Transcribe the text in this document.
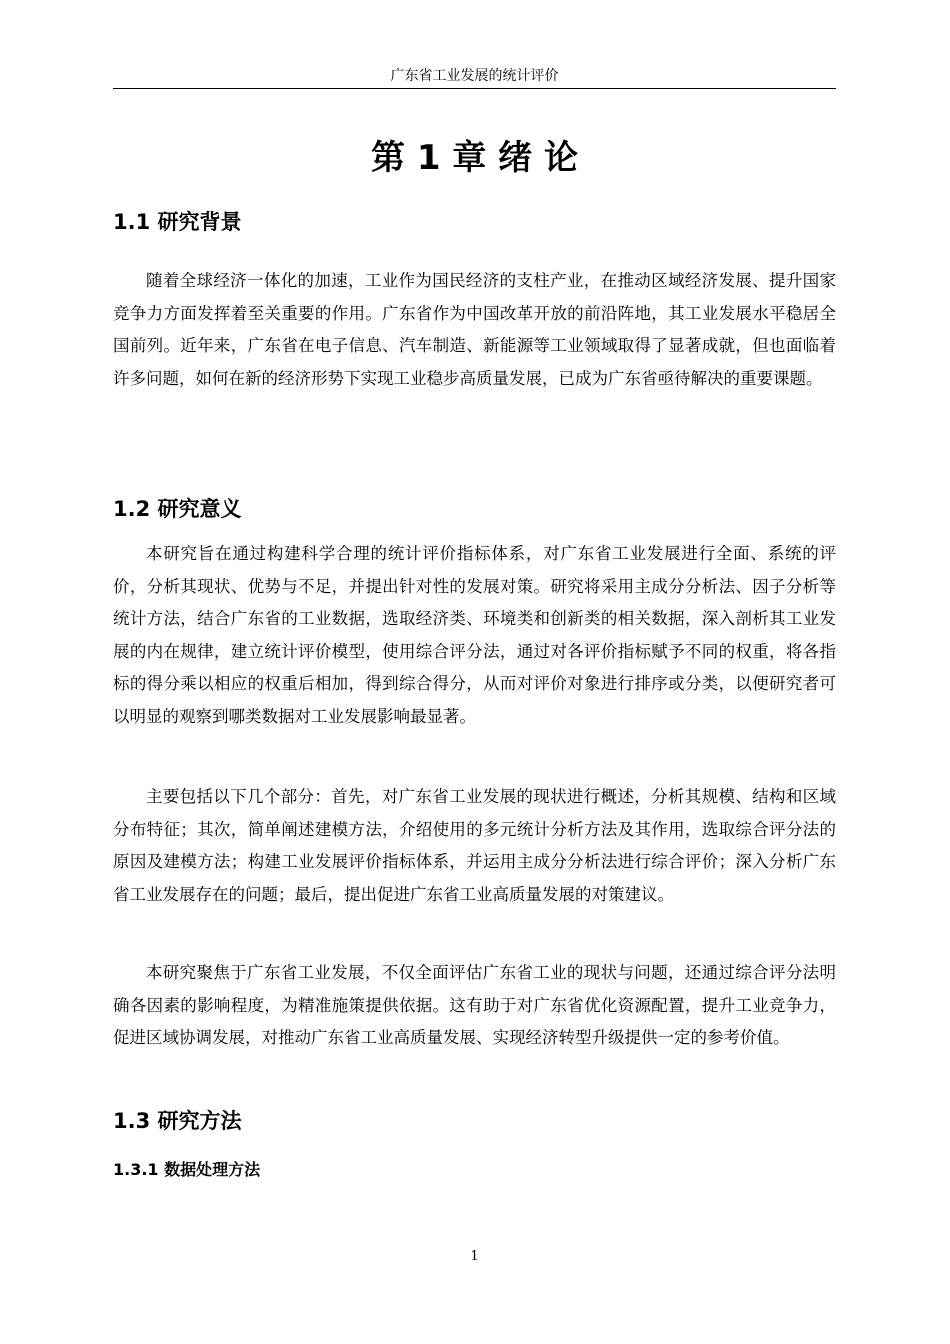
广东省工业发展的统计评价
第 1 章 绪 论
1.1 研究背景

随着全球经济一体化的加速，工业作为国民经济的支柱产业，在推动区域经济发展、提升国家竞争力方面发挥着至关重要的作用。广东省作为中国改革开放的前沿阵地，其工业发展水平稳居全国前列。近年来，广东省在电子信息、汽车制造、新能源等工业领域取得了显著成就，但也面临着许多问题，如何在新的经济形势下实现工业稳步高质量发展，已成为广东省亟待解决的重要课题。

1.2 研究意义

本研究旨在通过构建科学合理的统计评价指标体系，对广东省工业发展进行全面、系统的评价，分析其现状、优势与不足，并提出针对性的发展对策。研究将采用主成分分析法、因子分析等统计方法，结合广东省的工业数据，选取经济类、环境类和创新类的相关数据，深入剖析其工业发展的内在规律，建立统计评价模型，使用综合评分法，通过对各评价指标赋予不同的权重，将各指标的得分乘以相应的权重后相加，得到综合得分，从而对评价对象进行排序或分类，以便研究者可以明显的观察到哪类数据对工业发展影响最显著。

主要包括以下几个部分：首先，对广东省工业发展的现状进行概述，分析其规模、结构和区域分布特征；其次，简单阐述建模方法，介绍使用的多元统计分析方法及其作用，选取综合评分法的原因及建模方法；构建工业发展评价指标体系，并运用主成分分析法进行综合评价；深入分析广东省工业发展存在的问题；最后，提出促进广东省工业高质量发展的对策建议。

本研究聚焦于广东省工业发展，不仅全面评估广东省工业的现状与问题，还通过综合评分法明确各因素的影响程度，为精准施策提供依据。这有助于对广东省优化资源配置，提升工业竞争力，促进区域协调发展，对推动广东省工业高质量发展、实现经济转型升级提供一定的参考价值。

1.3 研究方法
1.3.1 数据处理方法
1
